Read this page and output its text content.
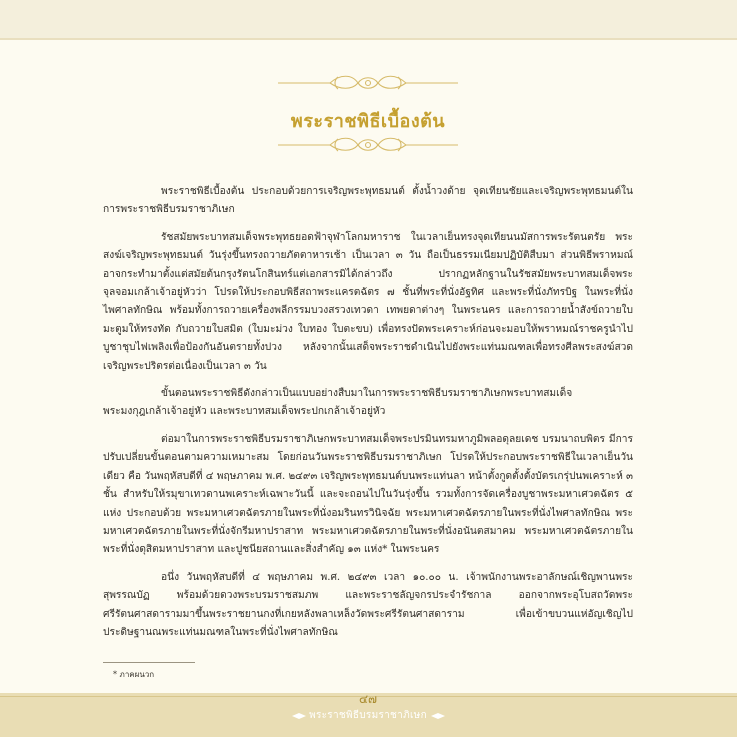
พระราชพิธีเบื้องต้น

พระราชพิธีเบื้องต้น ประกอบด้วยการเจริญพระพุทธมนต์ ตั้งน้ำวงด้าย จุดเทียนชัยและเจริญพระพุทธมนต์ในการพระราชพิธีบรมราชาภิเษก

รัชสมัยพระบาทสมเด็จพระพุทธยอดฟ้าจุฬาโลกมหาราช ในเวลาเย็นทรงจุดเทียนนมัสการพระรัตนตรัย พระสงฆ์เจริญพระพุทธมนต์ วันรุ่งขึ้นทรงถวายภัตตาหารเช้า เป็นเวลา ๓ วัน ถือเป็นธรรมเนียมปฏิบัติสืบมา ส่วนพิธีพราหมณ์อาจกระทำมาตั้งแต่สมัยต้นกรุงรัตนโกสินทร์แต่เอกสารมิได้กล่าวถึง ปรากฏหลักฐานในรัชสมัยพระบาทสมเด็จพระจุลจอมเกล้าเจ้าอยู่หัวว่า โปรดให้ประกอบพิธีสถาพระแครตฉัตร ๗ ชั้นที่พระที่นั่งอัฐทิศ และพระที่นั่งภัทรบิฐ ในพระที่นั่งไพศาลทักษิณ พร้อมทั้งการถวายเครื่องพลีกรรมบวงสรวงเทวดา เทพยดาต่างๆ ในพระนคร และการถวายน้ำสังข์ถวายใบมะตูมให้ทรงทัด กับถวายใบสมิต (ใบมะม่วง ใบทอง ใบตะขบ) เพื่อทรงปัดพระเคราะห์ก่อนจะมอบให้พราหมณ์ราชครูนำไปบูชาชุบไฟเพลิงเพื่อป้องกันอันตรายทั้งปวง หลังจากนั้นเสด็จพระราชดำเนินไปยังพระแท่นมณฑลเพื่อทรงศีลพระสงฆ์สวดเจริญพระปริตรต่อเนื่องเป็นเวลา ๓ วัน

ขั้นตอนพระราชพิธีดังกล่าวเป็นแบบอย่างสืบมาในการพระราชพิธีบรมราชาภิเษกพระบาทสมเด็จพระมงกุฎเกล้าเจ้าอยู่หัว และพระบาทสมเด็จพระปกเกล้าเจ้าอยู่หัว

ต่อมาในการพระราชพิธีบรมราชาภิเษกพระบาทสมเด็จพระปรมินทรมหาภูมิพลอดุลยเดช บรมนาถบพิตร มีการปรับเปลี่ยนขั้นตอนตามความเหมาะสม โดยก่อนวันพระราชพิธีบรมราชาภิเษก โปรดให้ประกอบพระราชพิธีในเวลาเย็นวันเดียว คือ วันพฤหัสบดีที่ ๔ พฤษภาคม พ.ศ. ๒๔๙๓ เจริญพระพุทธมนต์บนพระแท่นลา หน้าตั้งกูดตั้งตั้งบัตรเกรุ่ปนพเคราะห์ ๓ ชั้น สำหรับให้รมุขาเทวดานพเคราะห์เฉพาะวันนี้ และจะถอนไปในวันรุ่งขึ้น รวมทั้งการจัดเครื่องบูชาพระมหาเศวตฉัตร ๕ แห่ง ประกอบด้วย พระมหาเศวตฉัตรภายในพระที่นั่งอมรินทรวินิจฉัย พระมหาเศวตฉัตรภายในพระที่นั่งไพศาลทักษิณ พระมหาเศวตฉัตรภายในพระที่นั่งจักรีมหาปราสาท พระมหาเศวตฉัตรภายในพระที่นั่งอนันตสมาคม พระมหาเศวตฉัตรภายในพระที่นั่งดุสิตมหาปราสาท และปูชนียสถานและสิ่งสำคัญ ๑๓ แห่ง* ในพระนคร

อนึ่ง วันพฤหัสบดีที่ ๔ พฤษภาคม พ.ศ. ๒๔๙๓ เวลา ๑๐.๐๐ น. เจ้าพนักงานพระอาลักษณ์เชิญพานพระสุพรรณบัฏ พร้อมด้วยดวงพระบรมราชสมภพ และพระราชลัญจกรประจำรัชกาล ออกจากพระอุโบสถวัดพระศรีรัตนศาสดารามมาขึ้นพระราชยานกงที่เกยหลังพลาเหล็งวัดพระศรีรัตนศาสดาราม เพื่อเข้าขบวนแห่อัญเชิญไปประดิษฐานณพระแท่นมณฑลในพระที่นั่งไพศาลทักษิณ

* ภาคผนวก
๔๗
พระราชพิธีบรมราชาภิเษก
